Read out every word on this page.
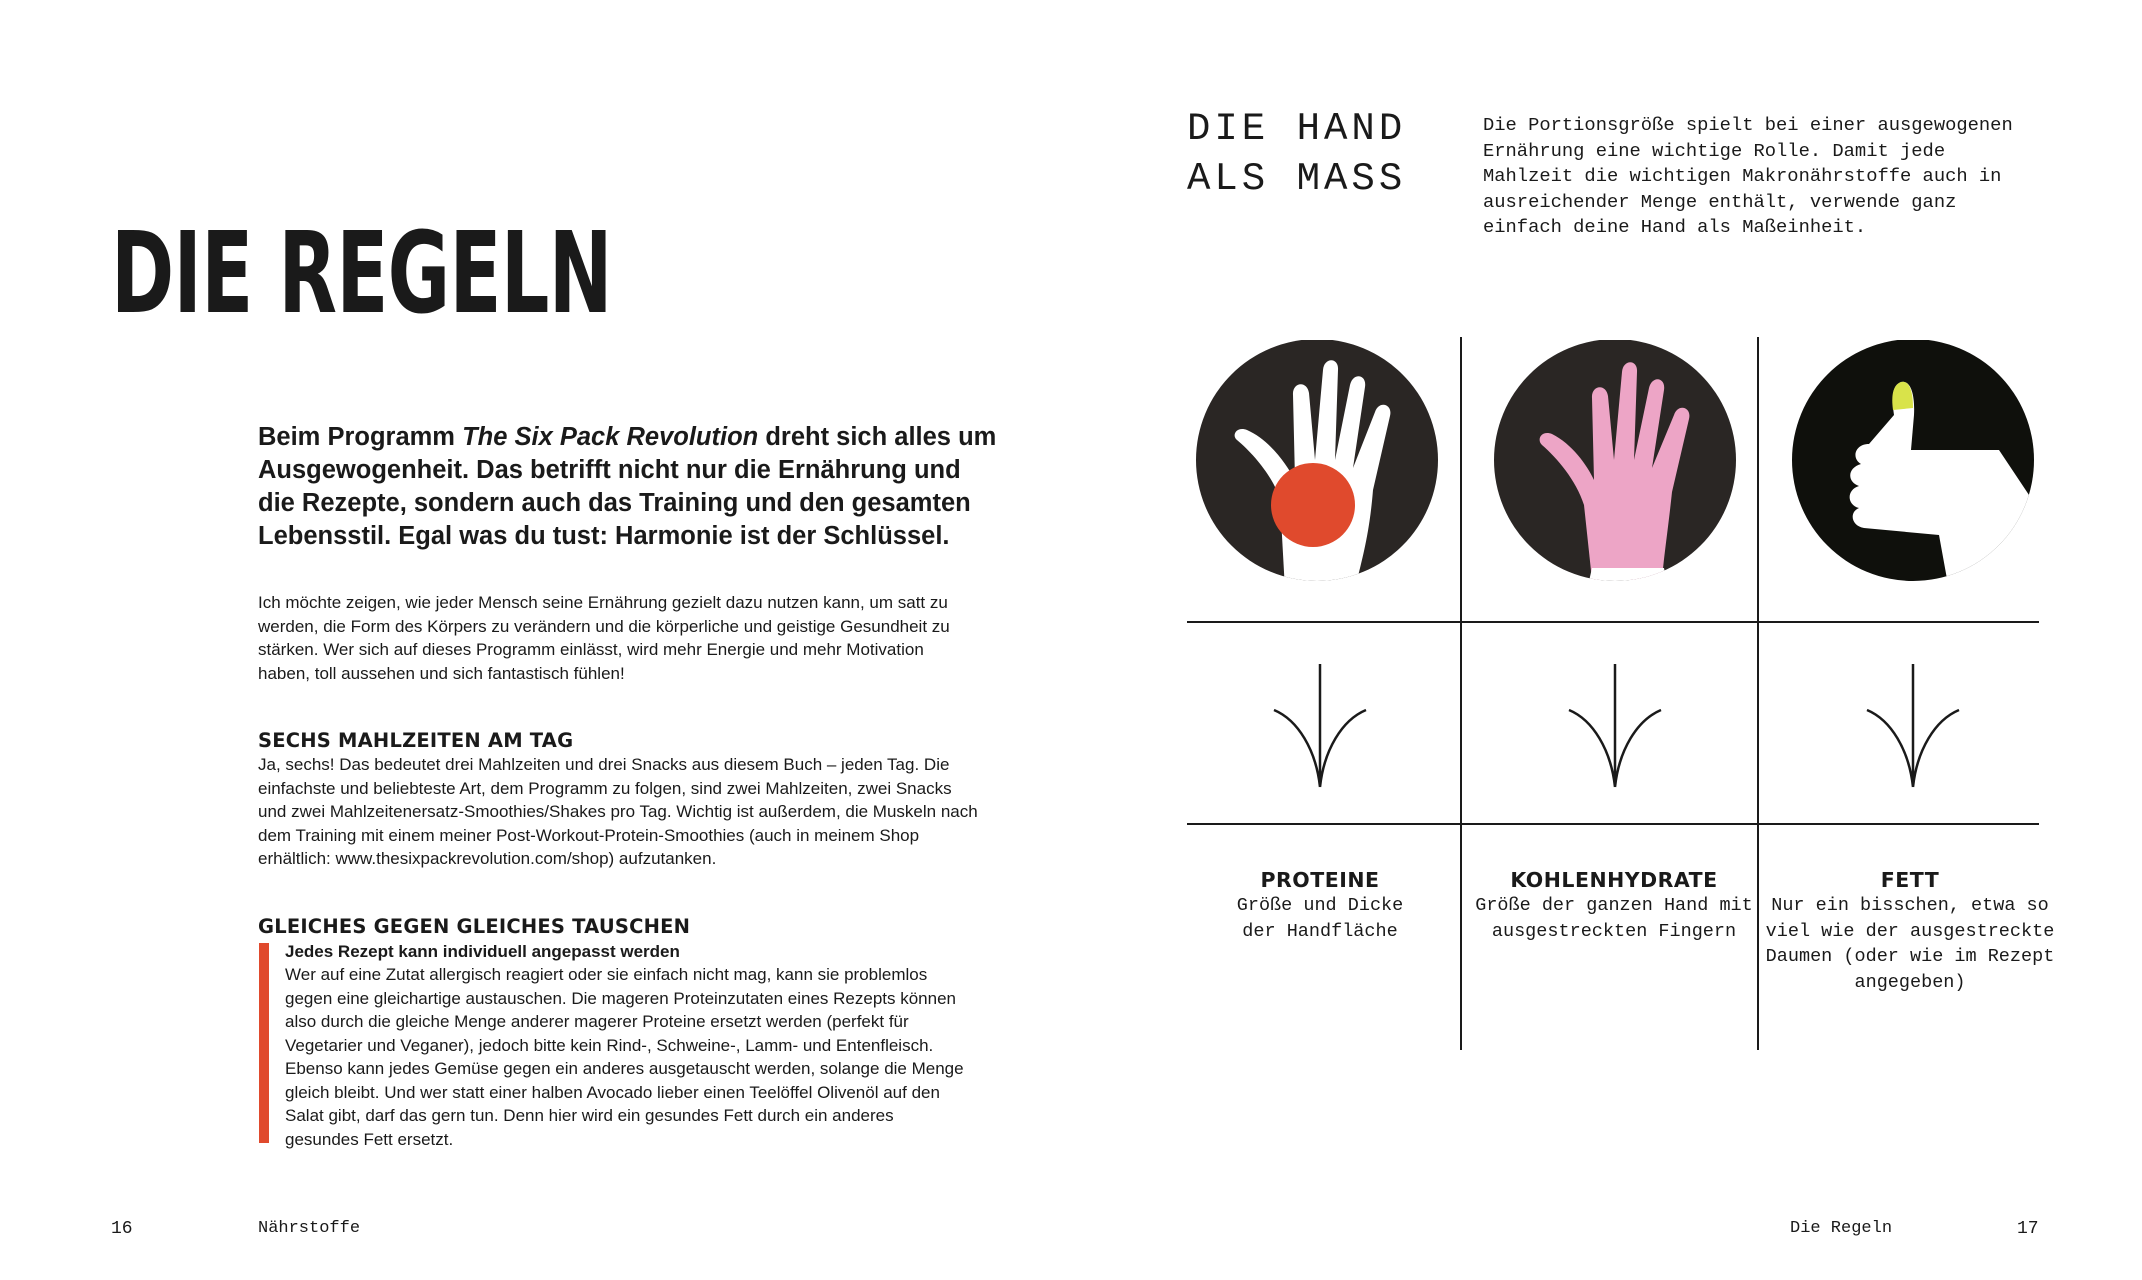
DIE REGELN

Beim Programm The Six Pack Revolution dreht sich alles um Ausgewogenheit. Das betrifft nicht nur die Ernährung und die Rezepte, sondern auch das Training und den gesamten Lebensstil. Egal was du tust: Harmonie ist der Schlüssel.

Ich möchte zeigen, wie jeder Mensch seine Ernährung gezielt dazu nutzen kann, um satt zu werden, die Form des Körpers zu verändern und die körperliche und geistige Gesundheit zu stärken. Wer sich auf dieses Programm einlässt, wird mehr Energie und mehr Motivation haben, toll aussehen und sich fantastisch fühlen!

SECHS MAHLZEITEN AM TAG

Ja, sechs! Das bedeutet drei Mahlzeiten und drei Snacks aus diesem Buch – jeden Tag. Die einfachste und beliebteste Art, dem Programm zu folgen, sind zwei Mahlzeiten, zwei Snacks und zwei Mahlzeitenersatz-Smoothies/Shakes pro Tag. Wichtig ist außerdem, die Muskeln nach dem Training mit einem meiner Post-Workout-Protein-Smoothies (auch in meinem Shop erhältlich: www.thesixpackrevolution.com/shop) aufzutanken.

GLEICHES GEGEN GLEICHES TAUSCHEN

Jedes Rezept kann individuell angepasst werden

Wer auf eine Zutat allergisch reagiert oder sie einfach nicht mag, kann sie problemlos gegen eine gleichartige austauschen. Die mageren Proteinzutaten eines Rezepts können also durch die gleiche Menge anderer magerer Proteine ersetzt werden (perfekt für Vegetarier und Veganer), jedoch bitte kein Rind-, Schweine-, Lamm- und Entenfleisch. Ebenso kann jedes Gemüse gegen ein anderes ausgetauscht werden, solange die Menge gleich bleibt. Und wer statt einer halben Avocado lieber einen Teelöffel Olivenöl auf den Salat gibt, darf das gern tun. Denn hier wird ein gesundes Fett durch ein anderes gesundes Fett ersetzt.

16	Nährstoffe

DIE HAND
ALS MASS

Die Portionsgröße spielt bei einer ausgewogenen Ernährung eine wichtige Rolle. Damit jede Mahlzeit die wichtigen Makronährstoffe auch in ausreichender Menge enthält, verwende ganz einfach deine Hand als Maßeinheit.

PROTEINE
Größe und Dicke der Handfläche
KOHLENHYDRATE
Größe der ganzen Hand mit ausgestreckten Fingern
FETT
Nur ein bisschen, etwa so viel wie der ausgestreckte Daumen (oder wie im Rezept angegeben)
Die Regeln	17
